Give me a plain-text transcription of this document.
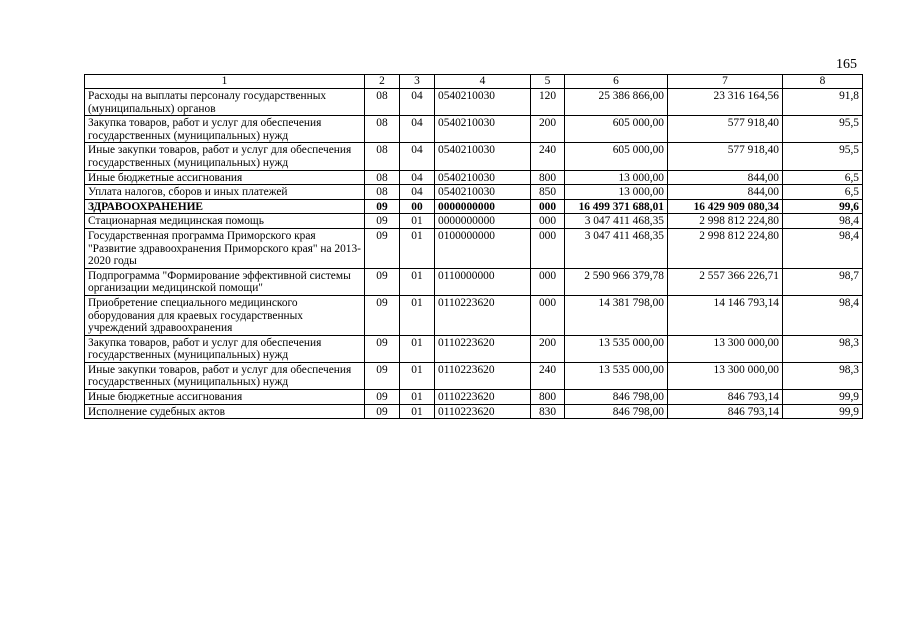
165
1	2	3	4	5	6	7	8
Расходы на выплаты персоналу государственных (муниципальных) органов	08	04	0540210030	120	25 386 866,00	23 316 164,56	91,8
Закупка товаров, работ и услуг для обеспечения государственных (муниципальных) нужд	08	04	0540210030	200	605 000,00	577 918,40	95,5
Иные закупки товаров, работ и услуг для обеспечения государственных (муниципальных) нужд	08	04	0540210030	240	605 000,00	577 918,40	95,5
Иные бюджетные ассигнования	08	04	0540210030	800	13 000,00	844,00	6,5
Уплата налогов, сборов и иных платежей	08	04	0540210030	850	13 000,00	844,00	6,5
ЗДРАВООХРАНЕНИЕ	09	00	0000000000	000	16 499 371 688,01	16 429 909 080,34	99,6
Стационарная медицинская помощь	09	01	0000000000	000	3 047 411 468,35	2 998 812 224,80	98,4
Государственная программа Приморского края "Развитие здравоохранения Приморского края" на 2013-2020 годы	09	01	0100000000	000	3 047 411 468,35	2 998 812 224,80	98,4
Подпрограмма "Формирование эффективной системы организации медицинской помощи"	09	01	0110000000	000	2 590 966 379,78	2 557 366 226,71	98,7
Приобретение специального медицинского оборудования для краевых государственных учреждений здравоохранения	09	01	0110223620	000	14 381 798,00	14 146 793,14	98,4
Закупка товаров, работ и услуг для обеспечения государственных (муниципальных) нужд	09	01	0110223620	200	13 535 000,00	13 300 000,00	98,3
Иные закупки товаров, работ и услуг для обеспечения государственных (муниципальных) нужд	09	01	0110223620	240	13 535 000,00	13 300 000,00	98,3
Иные бюджетные ассигнования	09	01	0110223620	800	846 798,00	846 793,14	99,9
Исполнение судебных актов	09	01	0110223620	830	846 798,00	846 793,14	99,9
